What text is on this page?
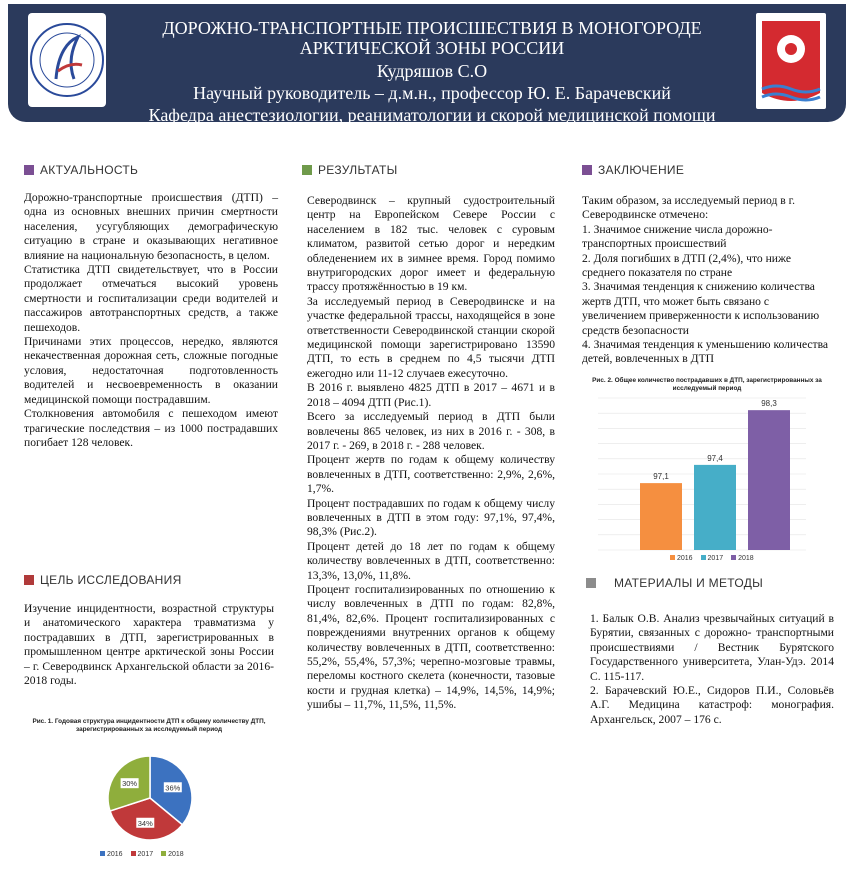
ДОРОЖНО-ТРАНСПОРТНЫЕ ПРОИСШЕСТВИЯ В МОНОГОРОДЕ
АРКТИЧЕСКОЙ ЗОНЫ РОССИИ
Кудряшов С.О
Научный руководитель – д.м.н., профессор Ю. Е. Барачевский
Кафедра анестезиологии, реаниматологии и скорой медицинской помощи
АКТУАЛЬНОСТЬ

Дорожно-транспортные происшествия (ДТП) – одна из основных внешних причин смертности населения, усугубляющих демографическую ситуацию в стране и оказывающих негативное влияние на национальную безопасность, в целом.

Статистика ДТП свидетельствует, что в России продолжает отмечаться высокий уровень смертности и госпитализации среди водителей и пассажиров автотранспортных средств, а также пешеходов.

Причинами этих процессов, нередко, являются некачественная дорожная сеть, сложные погодные условия, недостаточная подготовленность водителей и несвоевременность в оказании медицинской помощи пострадавшим.

Столкновения автомобиля с пешеходом имеют трагические последствия – из 1000 пострадавших погибает 128 человек.

ЦЕЛЬ ИССЛЕДОВАНИЯ
Изучение инцидентности, возрастной структуры и анатомического характера травматизма у пострадавших в ДТП, зарегистрированных в промышленном центре арктической зоны России – г. Северодвинск Архангельской области за 2016-2018 годы.
Рис. 1. Годовая структура инцидентности ДТП к общему количеству ДТП, зарегистрированных за исследуемый период
36%
34%
30%
2016 2017 2018
РЕЗУЛЬТАТЫ

Северодвинск – крупный судостроительный центр на Европейском Севере России с населением в 182 тыс. человек с суровым климатом, развитой сетью дорог и нередким обледенением их в зимнее время. Город помимо внутригородских дорог имеет и федеральную трассу протяжённостью в 19 км.

За исследуемый период в Северодвинске и на участке федеральной трассы, находящейся в зоне ответственности Северодвинской станции скорой медицинской помощи зарегистрировано 13590 ДТП, то есть в среднем по 4,5 тысячи ДТП ежегодно или 11-12 случаев ежесуточно.

В 2016 г. выявлено 4825 ДТП в 2017 – 4671 и в 2018 – 4094 ДТП (Рис.1).

Всего за исследуемый период в ДТП были вовлечены 865 человек, из них в 2016 г. - 308, в 2017 г. - 269, в 2018 г. - 288 человек.

Процент жертв по годам к общему количеству вовлеченных в ДТП, соответственно: 2,9%, 2,6%, 1,7%.

Процент пострадавших по годам к общему числу вовлеченных в ДТП в этом году: 97,1%, 97,4%, 98,3% (Рис.2).

Процент детей до 18 лет по годам к общему количеству вовлеченных в ДТП, соответственно: 13,3%, 13,0%, 11,8%.

Процент госпитализированных по отношению к числу вовлеченных в ДТП по годам: 82,8%, 81,4%, 82,6%. Процент госпитализированных с повреждениями внутренних органов к общему количеству вовлеченных в ДТП, соответственно: 55,2%, 55,4%, 57,3%; черепно-мозговые травмы, переломы костного скелета (конечности, тазовые кости и грудная клетка) – 14,9%, 14,5%, 14,9%; ушибы – 11,7%, 11,5%, 11,5%.

ЗАКЛЮЧЕНИЕ

Таким образом, за исследуемый период в г. Северодвинске отмечено:

1. Значимое снижение числа дорожно-транспортных происшествий

2. Доля погибших в ДТП (2,4%), что ниже среднего показателя по стране

3. Значимая тенденция к снижению количества жертв ДТП, что может быть связано с увеличением приверженности к использованию средств безопасности

4. Значимая тенденция к уменьшению количества детей, вовлеченных в ДТП

Рис. 2. Общее количество пострадавших в ДТП, зарегистрированных за исследуемый период
97,1
97,4
98,3
2016 2017 2018
МАТЕРИАЛЫ И МЕТОДЫ

1. Балык О.В. Анализ чрезвычайных ситуаций в Бурятии, связанных с дорожно- транспортными происшествиями / Вестник Бурятского Государственного университета, Улан-Удэ. 2014 С. 115-117.

2. Барачевский Ю.Е., Сидоров П.И., Соловьёв А.Г. Медицина катастроф: монография. Архангельск, 2007 – 176 с.
